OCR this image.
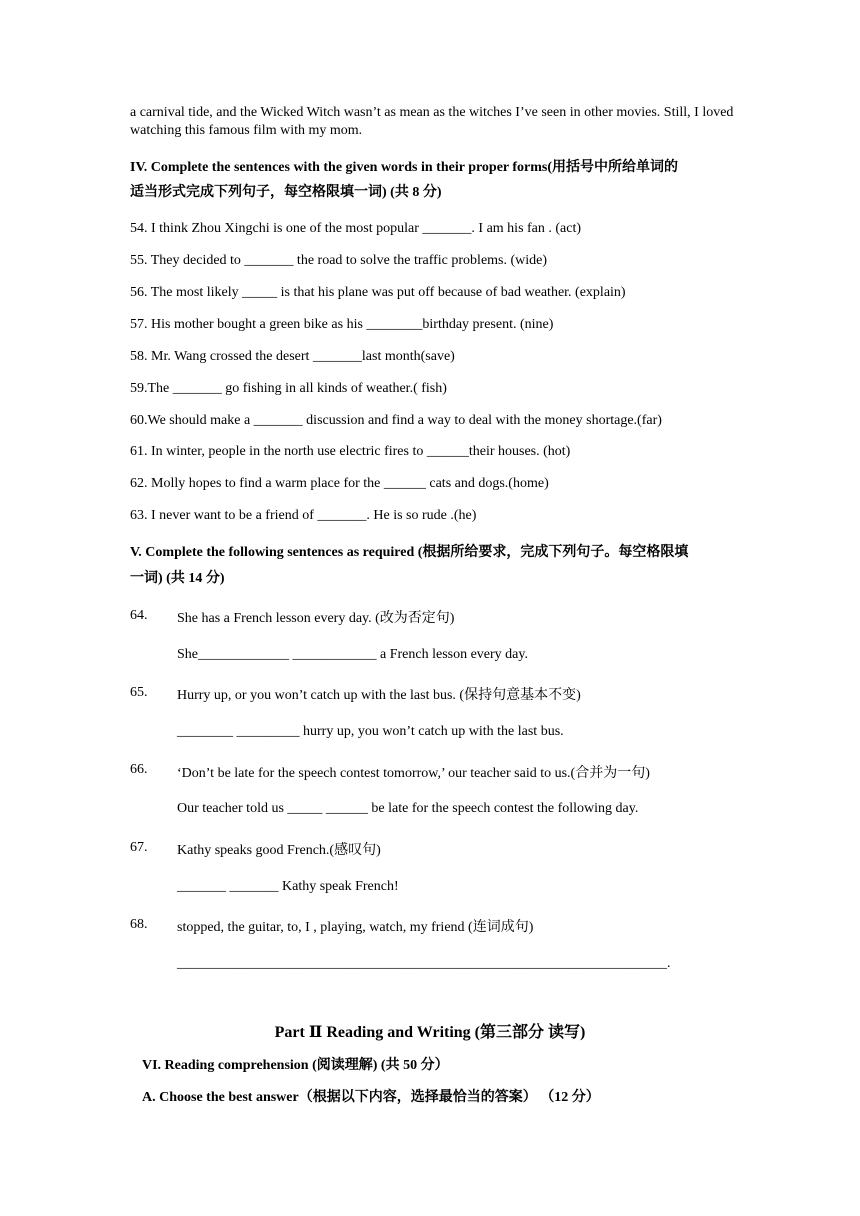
a carnival tide, and the Wicked Witch wasn’t as mean as the witches I’ve seen in other movies. Still, I loved watching this famous film with my mom.
IV. Complete the sentences with the given words in their proper forms(用括号中所给单词的
适当形式完成下列句子，每空格限填一词) (共 8 分)
54. I think Zhou Xingchi is one of the most popular _______. I am his fan . (act)
55. They decided to _______ the road to solve the traffic problems. (wide)
56. The most likely _____ is that his plane was put off because of bad weather. (explain)
57. His mother bought a green bike as his ________birthday present. (nine)
58. Mr. Wang crossed the desert _______last month(save)
59.The _______ go fishing in all kinds of weather.( fish)
60.We should make a _______ discussion and find a way to deal with the money shortage.(far)
61. In winter, people in the north use electric fires to ______their houses. (hot)
62. Molly hopes to find a warm place for the ______ cats and dogs.(home)
63. I never want to be a friend of _______. He is so rude .(he)
V. Complete the following sentences as required (根据所给要求，完成下列句子。每空格限填
一词) (共 14 分)
64. She has a French lesson every day. (改为否定句)
She_____________ ____________ a French lesson every day.
65. Hurry up, or you won’t catch up with the last bus. (保持句意基本不变)
________ _________ hurry up, you won’t catch up with the last bus.
66. ‘Don’t be late for the speech contest tomorrow,’ our teacher said to us.(合并为一句)
Our teacher told us _____ ______ be late for the speech contest the following day.
67. Kathy speaks good French.(感叹句)
_______ _______ Kathy speak French!
68. stopped, the guitar, to, I , playing, watch, my friend (连词成句)
______________________________________________________________________.
Part Ⅱ Reading and Writing (第三部分 读写)
VI. Reading comprehension (阅读理解) (共 50 分）
A. Choose the best answer（根据以下内容，选择最恰当的答案） （12 分）
